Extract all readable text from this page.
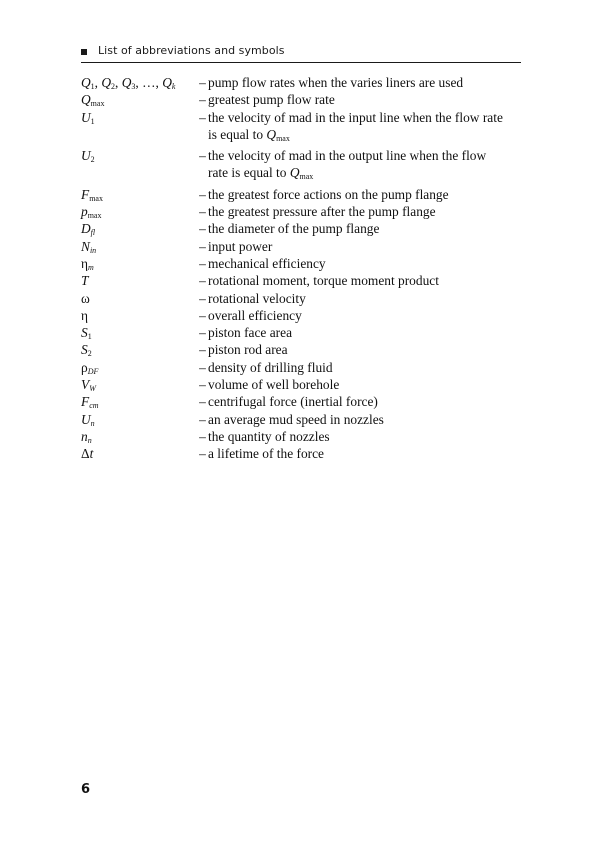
List of abbreviations and symbols
Q1, Q2, Q3, …, $Q_k$	– pump flow rates when the varies liners are used
Qmax	– greatest pump flow rate
U1	– the velocity of mad in the input line when the flow rate
is equal to Qmax
U2	– the velocity of mad in the output line when the flow
rate is equal to Qmax
Fmax	– the greatest force actions on the pump flange
pmax	– the greatest pressure after the pump flange
$D_{fl}$	– the diameter of the pump flange
$N_{in}$	– input power
$\eta_m$	– mechanical efficiency
T	– rotational moment, torque moment product
ω	– rotational velocity
η	– overall efficiency
S1	– piston face area
S2	– piston rod area
$\rho_{DF}$	– density of drilling fluid
$V_W$	– volume of well borehole
$F_{cm}$	– centrifugal force (inertial force)
$U_n$	– an average mud speed in nozzles
$n_n$	– the quantity of nozzles
Δt	– a lifetime of the force
6
